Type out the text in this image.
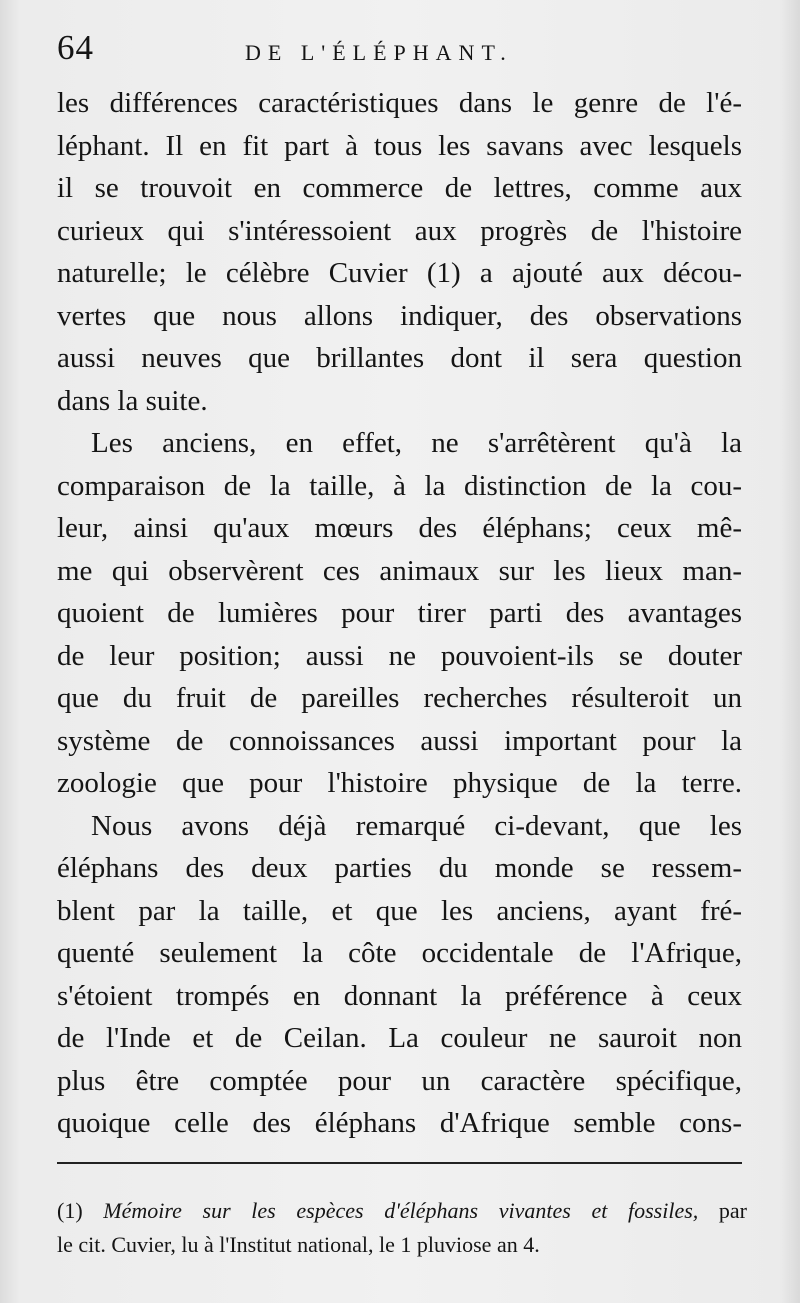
64	DE L'ÉLÉPHANT.
les différences caractéristiques dans le genre de l'é-
léphant. Il en fit part à tous les savans avec lesquels
il se trouvoit en commerce de lettres, comme aux
curieux qui s'intéressoient aux progrès de l'histoire
naturelle; le célèbre Cuvier (1) a ajouté aux décou-
vertes que nous allons indiquer, des observations
aussi neuves que brillantes dont il sera question
dans la suite.
Les anciens, en effet, ne s'arrêtèrent qu'à la
comparaison de la taille, à la distinction de la cou-
leur, ainsi qu'aux mœurs des éléphans; ceux mê-
me qui observèrent ces animaux sur les lieux man-
quoient de lumières pour tirer parti des avantages
de leur position; aussi ne pouvoient-ils se douter
que du fruit de pareilles recherches résulteroit un
système de connoissances aussi important pour la
zoologie que pour l'histoire physique de la terre.
Nous avons déjà remarqué ci-devant, que les
éléphans des deux parties du monde se ressem-
blent par la taille, et que les anciens, ayant fré-
quenté seulement la côte occidentale de l'Afrique,
s'étoient trompés en donnant la préférence à ceux
de l'Inde et de Ceilan. La couleur ne sauroit non
plus être comptée pour un caractère spécifique,
quoique celle des éléphans d'Afrique semble cons-
(1) Mémoire sur les espèces d'éléphans vivantes et fossiles, par
le cit. Cuvier, lu à l'Institut national, le 1 pluviose an 4.
